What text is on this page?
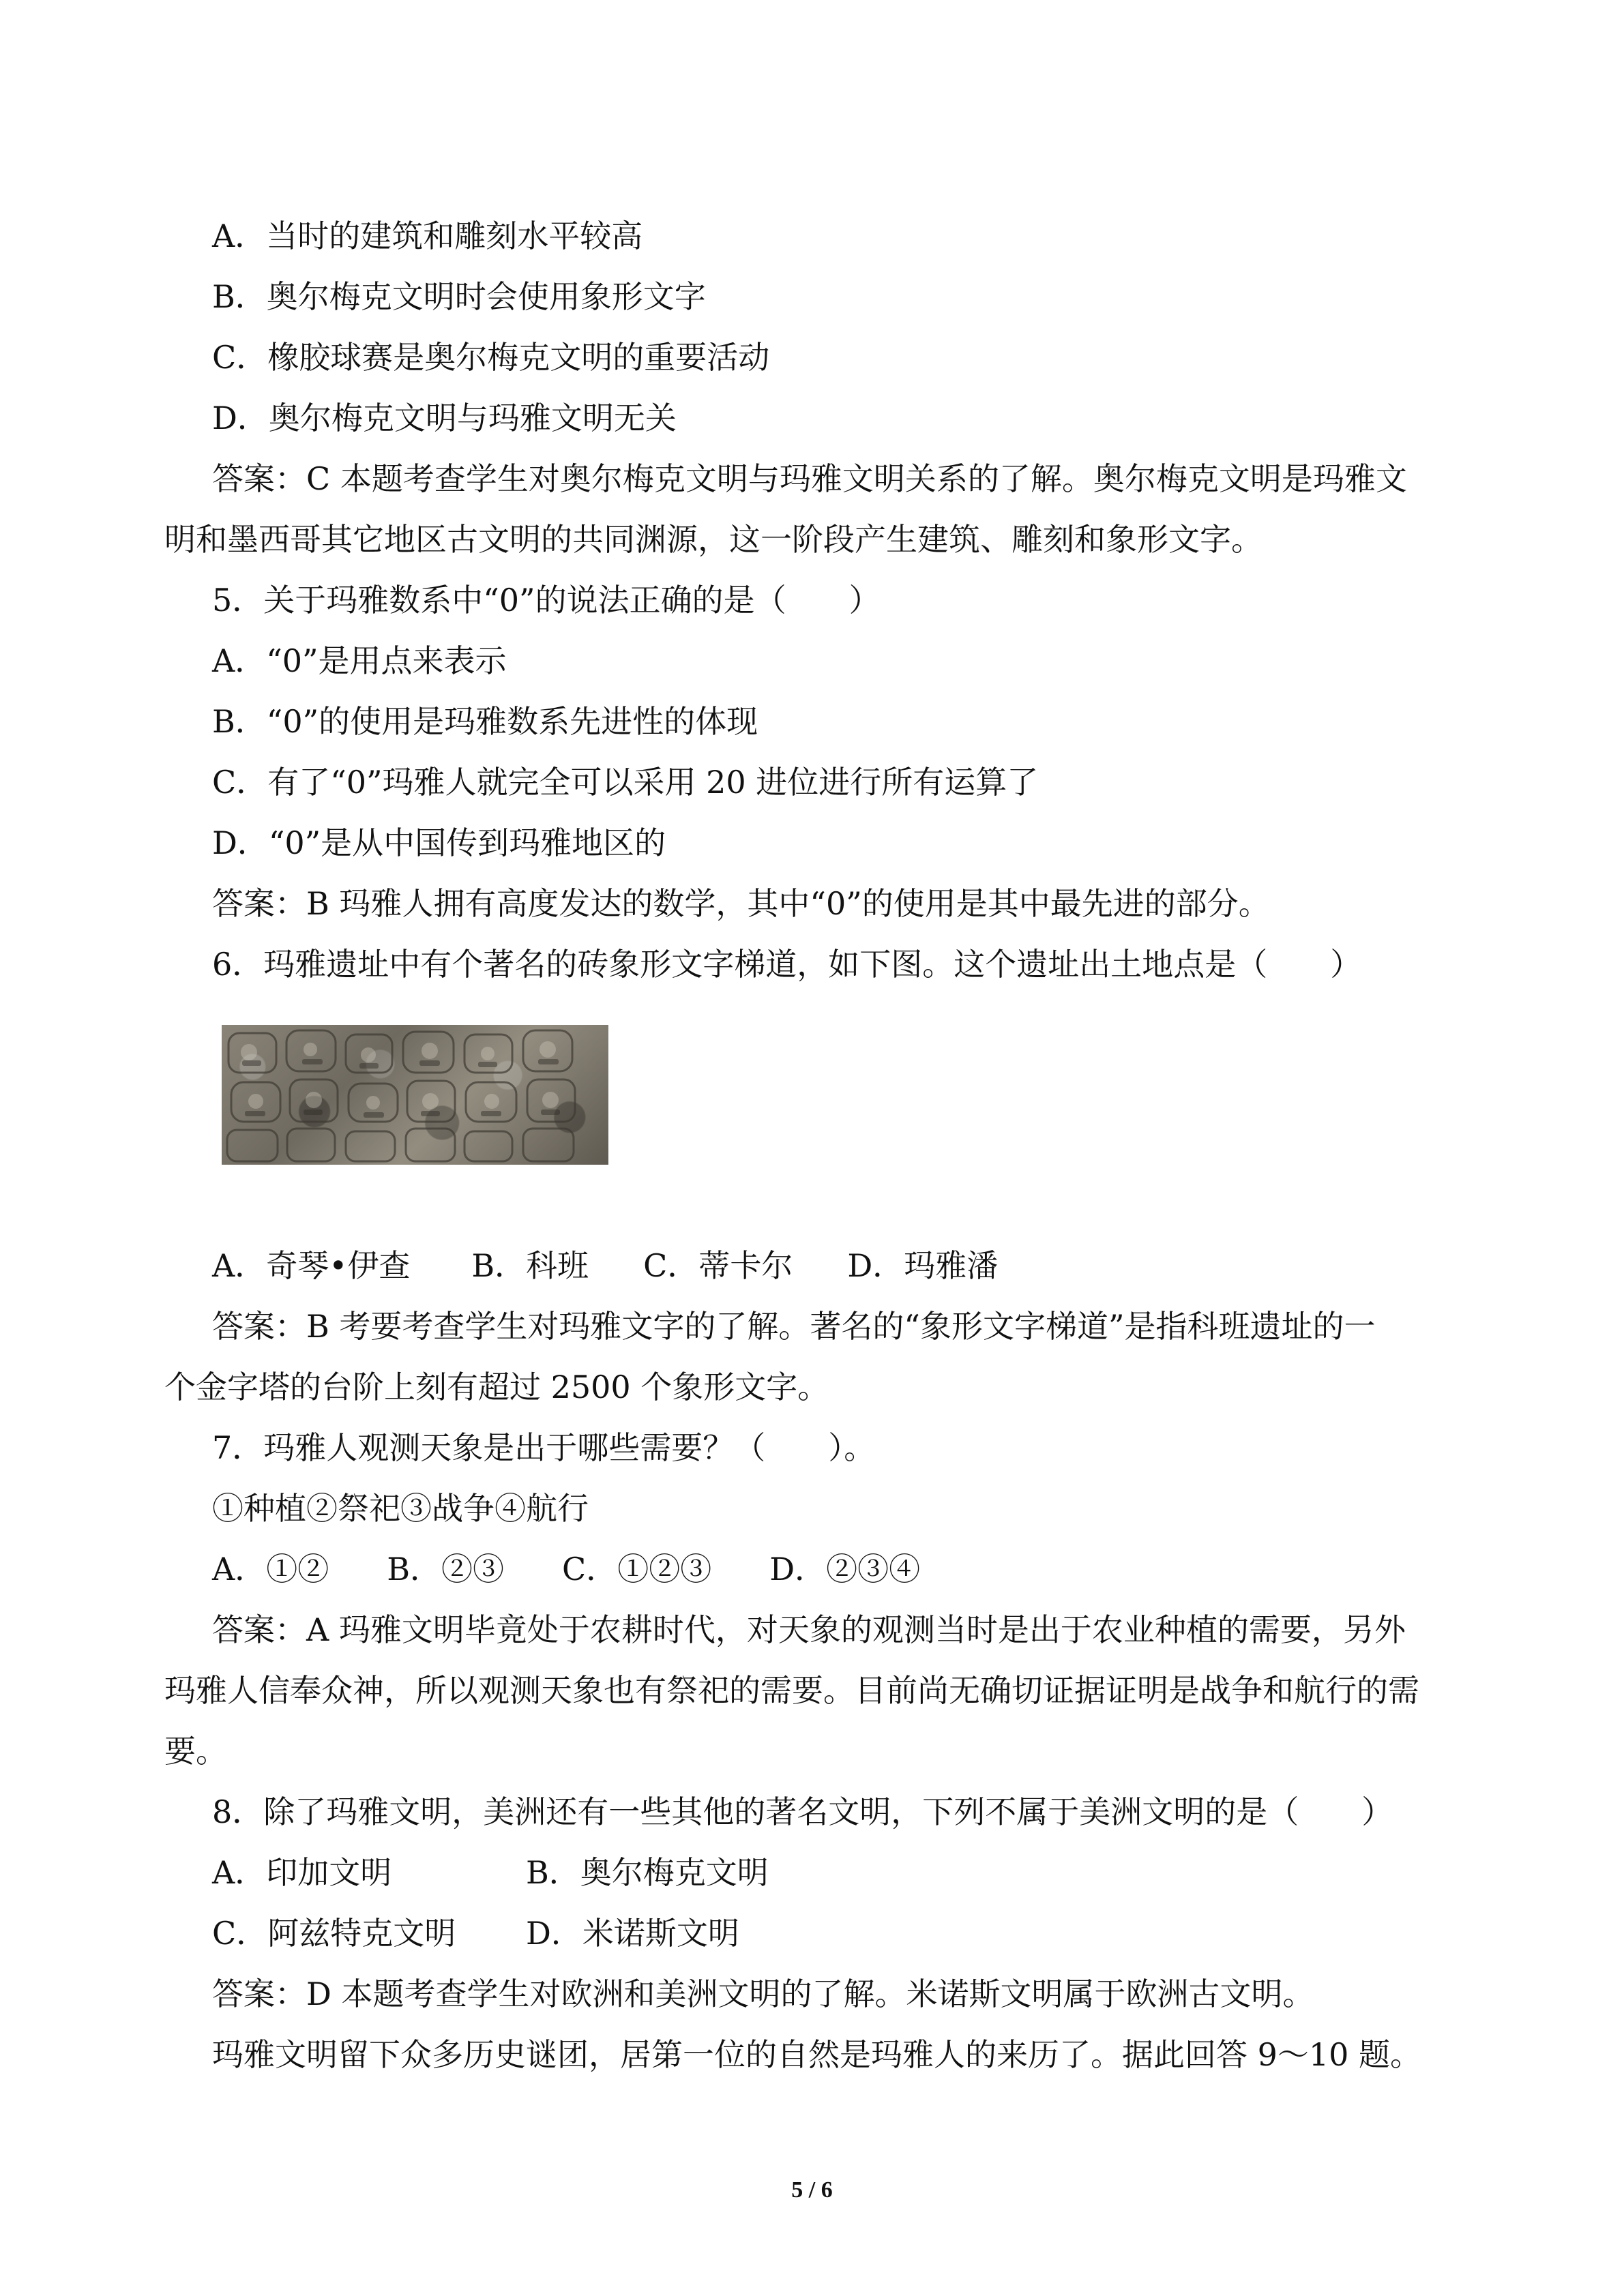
A．当时的建筑和雕刻水平较高

B．奥尔梅克文明时会使用象形文字

C．橡胶球赛是奥尔梅克文明的重要活动

D．奥尔梅克文明与玛雅文明无关

答案：C 本题考查学生对奥尔梅克文明与玛雅文明关系的了解。奥尔梅克文明是玛雅文

明和墨西哥其它地区古文明的共同渊源，这一阶段产生建筑、雕刻和象形文字。

5．关于玛雅数系中“0”的说法正确的是（　　）

A．“0”是用点来表示

B．“0”的使用是玛雅数系先进性的体现

C．有了“0”玛雅人就完全可以采用 20 进位进行所有运算了

D．“0”是从中国传到玛雅地区的

答案：B 玛雅人拥有高度发达的数学，其中“0”的使用是其中最先进的部分。

6．玛雅遗址中有个著名的砖象形文字梯道，如下图。这个遗址出土地点是（　　）

A．奇琴•伊查 B．科班 C．蒂卡尔 D．玛雅潘

答案：B 考要考查学生对玛雅文字的了解。著名的“象形文字梯道”是指科班遗址的一

个金字塔的台阶上刻有超过 2500 个象形文字。

7．玛雅人观测天象是出于哪些需要？（　　）。

①种植②祭祀③战争④航行

A．①② B．②③ C．①②③ D．②③④

答案：A 玛雅文明毕竟处于农耕时代，对天象的观测当时是出于农业种植的需要，另外

玛雅人信奉众神，所以观测天象也有祭祀的需要。目前尚无确切证据证明是战争和航行的需

要。

8．除了玛雅文明，美洲还有一些其他的著名文明，下列不属于美洲文明的是（　　）

A．印加文明	B．奥尔梅克文明

C．阿兹特克文明 D．米诺斯文明

答案：D 本题考查学生对欧洲和美洲文明的了解。米诺斯文明属于欧洲古文明。

玛雅文明留下众多历史谜团，居第一位的自然是玛雅人的来历了。据此回答 9～10 题。

5 / 6
